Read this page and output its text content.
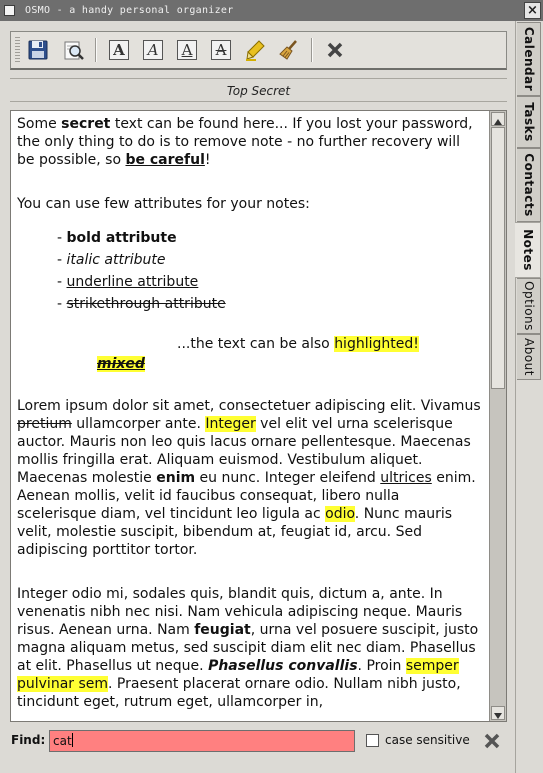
OSMO - a handy personal organizer	×
A	A	A	A
Top Secret

Some secret text can be found here... If you lost your password, the only thing to do is to remove note - no further recovery will be possible, so be careful!

You can use few attributes for your notes:

- bold attribute

- italic attribute

- underline attribute

- strikethrough attribute

...the text can be also highlighted!

mixed

Lorem ipsum dolor sit amet, consectetuer adipiscing elit. Vivamus pretium ullamcorper ante. Integer vel elit vel urna scelerisque auctor. Mauris non leo quis lacus ornare pellentesque. Maecenas mollis fringilla erat. Aliquam euismod. Vestibulum aliquet. Maecenas molestie enim eu nunc. Integer eleifend ultrices enim. Aenean mollis, velit id faucibus consequat, libero nulla scelerisque diam, vel tincidunt leo ligula ac odio. Nunc mauris velit, molestie suscipit, bibendum at, feugiat id, arcu. Sed adipiscing porttitor tortor.

Integer odio mi, sodales quis, blandit quis, dictum a, ante. In venenatis nibh nec nisi. Nam vehicula adipiscing neque. Mauris risus. Aenean urna. Nam feugiat, urna vel posuere suscipit, justo magna aliquam metus, sed suscipit diam elit nec diam. Phasellus at elit. Phasellus ut neque. Phasellus convallis. Proin semper pulvinar sem. Praesent placerat ornare odio. Nullam nibh justo, tincidunt eget, rutrum eget, ullamcorper in,

Find: cat	case sensitive
Calendar
Tasks
Contacts
Notes
Options
About
